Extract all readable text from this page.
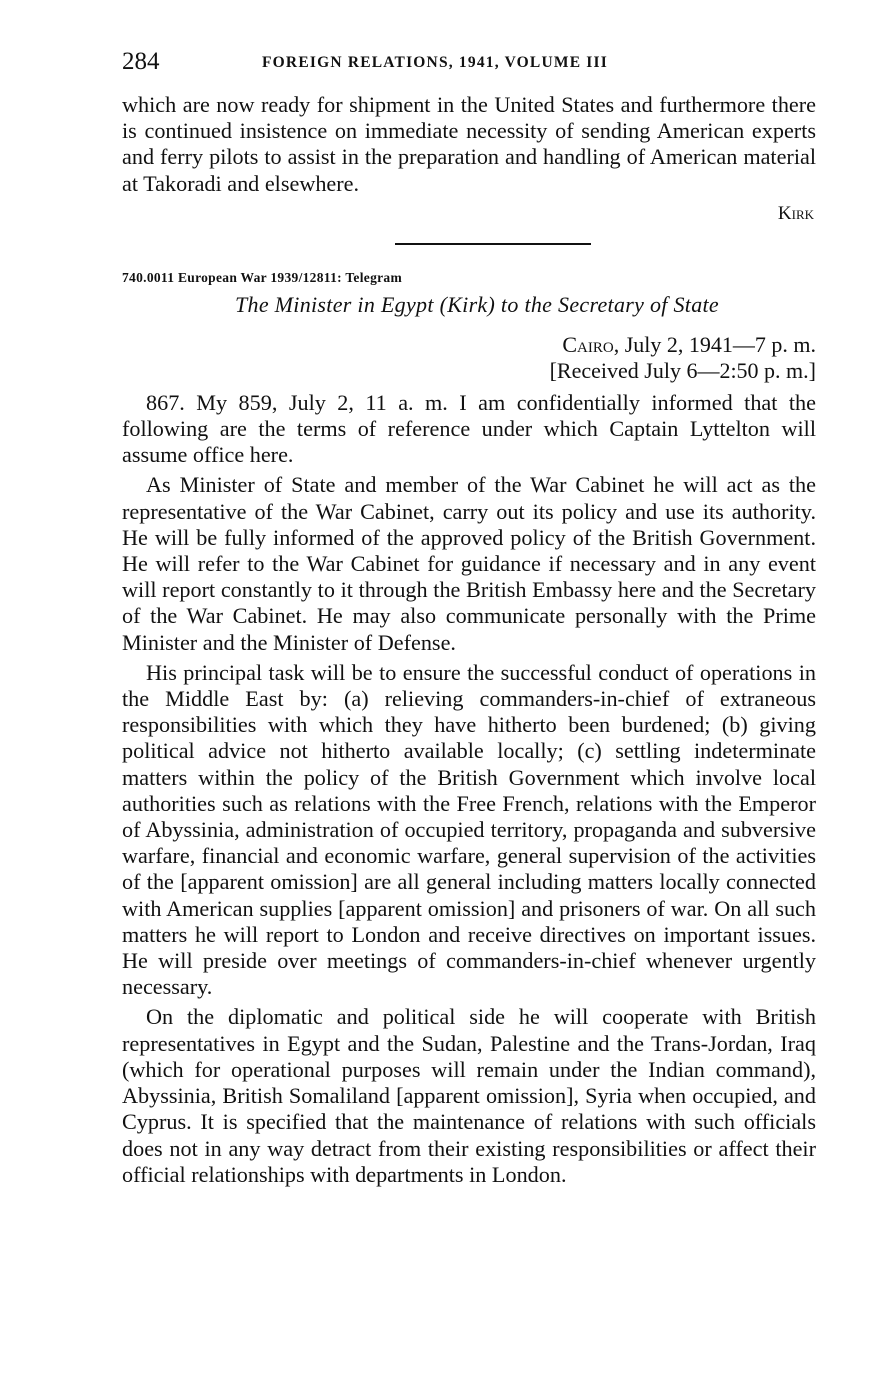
284	FOREIGN RELATIONS, 1941, VOLUME III

which are now ready for shipment in the United States and furthermore there is continued insistence on immediate necessity of sending American experts and ferry pilots to assist in the preparation and handling of American material at Takoradi and elsewhere.

Kirk
740.0011 European War 1939/12811: Telegram
The Minister in Egypt (Kirk) to the Secretary of State
Cairo, July 2, 1941—7 p. m.
[Received July 6—2:50 p. m.]

867. My 859, July 2, 11 a. m. I am confidentially informed that the following are the terms of reference under which Captain Lyttelton will assume office here.

As Minister of State and member of the War Cabinet he will act as the representative of the War Cabinet, carry out its policy and use its authority. He will be fully informed of the approved policy of the British Government. He will refer to the War Cabinet for guidance if necessary and in any event will report constantly to it through the British Embassy here and the Secretary of the War Cabinet. He may also communicate personally with the Prime Minister and the Minister of Defense.

His principal task will be to ensure the successful conduct of operations in the Middle East by: (a) relieving commanders-in-chief of extraneous responsibilities with which they have hitherto been burdened; (b) giving political advice not hitherto available locally; (c) settling indeterminate matters within the policy of the British Government which involve local authorities such as relations with the Free French, relations with the Emperor of Abyssinia, administration of occupied territory, propaganda and subversive warfare, financial and economic warfare, general supervision of the activities of the [apparent omission] are all general including matters locally connected with American supplies [apparent omission] and prisoners of war. On all such matters he will report to London and receive directives on important issues. He will preside over meetings of commanders-in-chief whenever urgently necessary.

On the diplomatic and political side he will cooperate with British representatives in Egypt and the Sudan, Palestine and the Trans-Jordan, Iraq (which for operational purposes will remain under the Indian command), Abyssinia, British Somaliland [apparent omission], Syria when occupied, and Cyprus. It is specified that the maintenance of relations with such officials does not in any way detract from their existing responsibilities or affect their official relationships with departments in London.
